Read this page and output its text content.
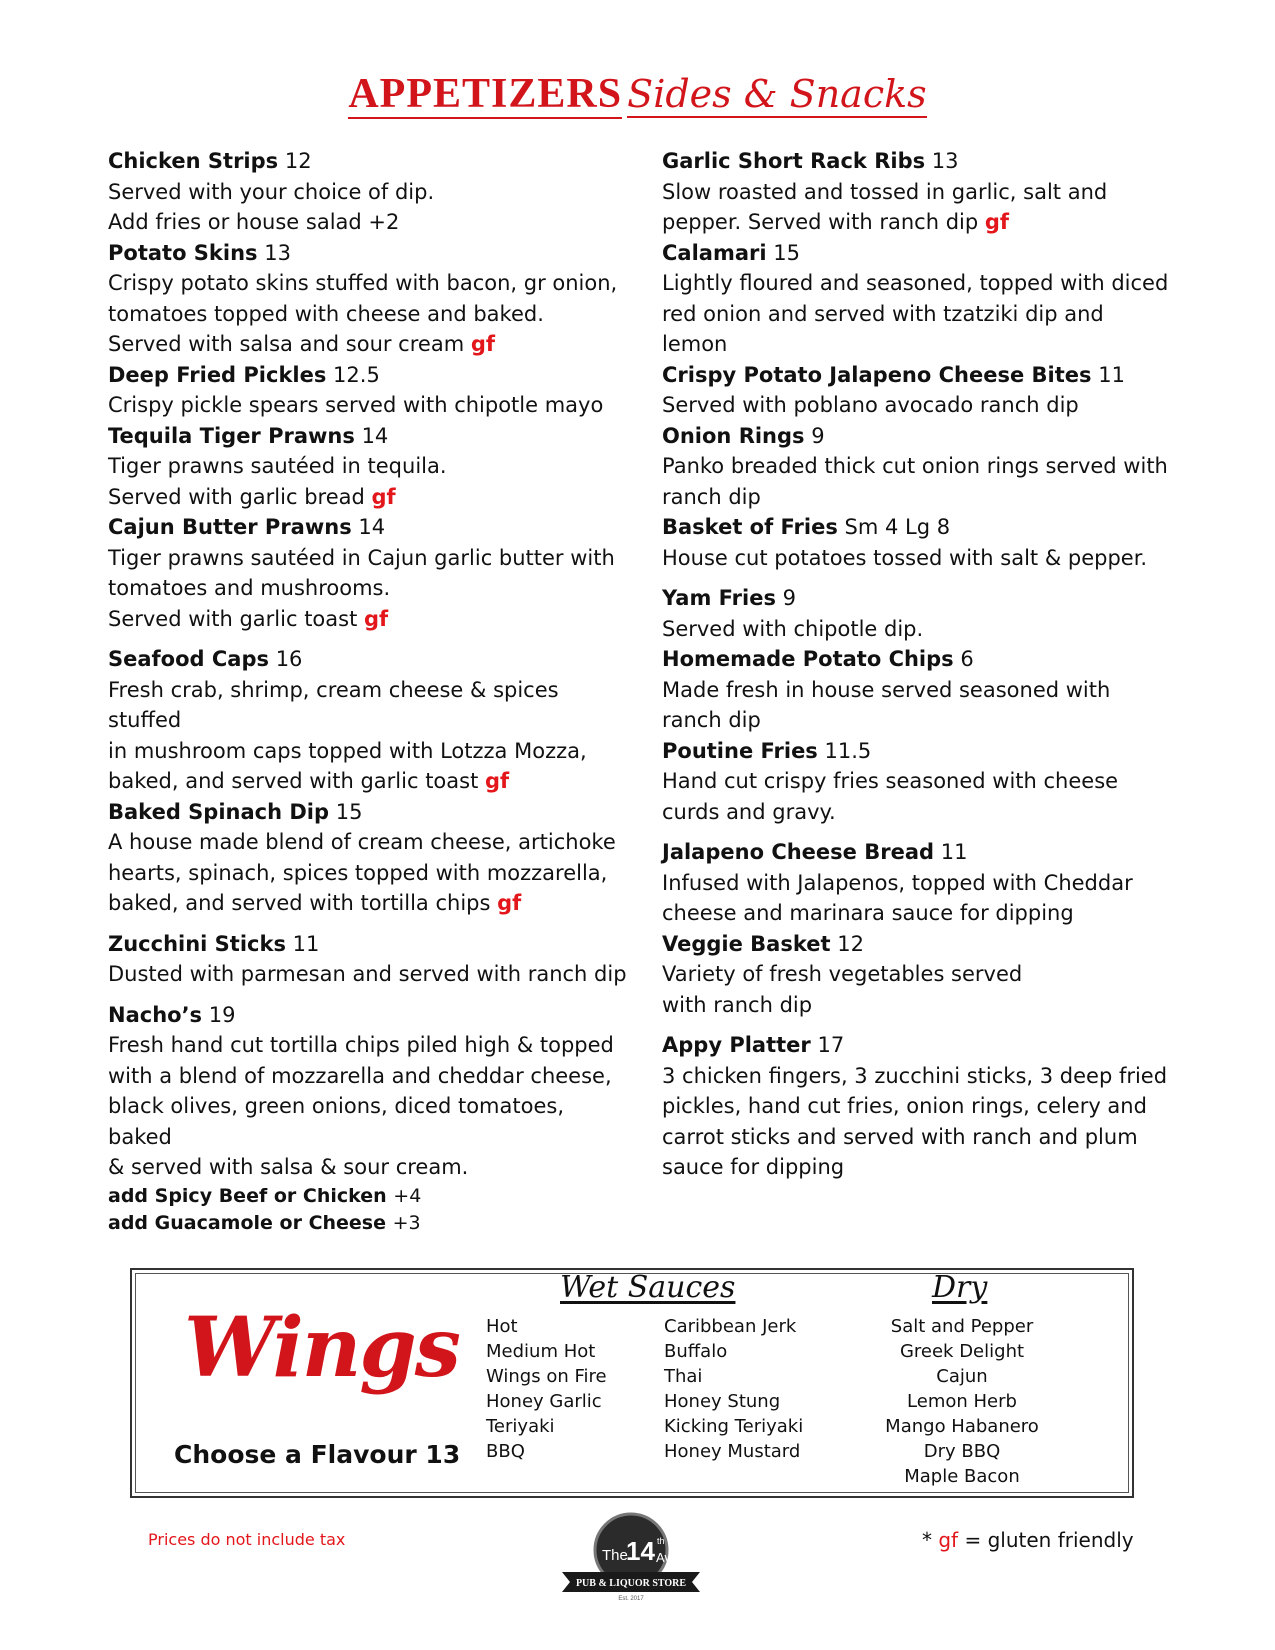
APPETIZERS Sides & Snacks
Chicken Strips 12
Served with your choice of dip.
Add fries or house salad +2
Potato Skins 13
Crispy potato skins stuffed with bacon, gr onion,
tomatoes topped with cheese and baked.
Served with salsa and sour cream gf
Deep Fried Pickles 12.5
Crispy pickle spears served with chipotle mayo
Tequila Tiger Prawns 14
Tiger prawns sautéed in tequila.
Served with garlic bread gf
Cajun Butter Prawns 14
Tiger prawns sautéed in Cajun garlic butter with
tomatoes and mushrooms.
Served with garlic toast gf
Seafood Caps 16
Fresh crab, shrimp, cream cheese & spices stuffed
in mushroom caps topped with Lotzza Mozza,
baked, and served with garlic toast gf
Baked Spinach Dip 15
A house made blend of cream cheese, artichoke
hearts, spinach, spices topped with mozzarella,
baked, and served with tortilla chips gf
Zucchini Sticks 11
Dusted with parmesan and served with ranch dip
Nacho’s 19
Fresh hand cut tortilla chips piled high & topped
with a blend of mozzarella and cheddar cheese,
black olives, green onions, diced tomatoes, baked
& served with salsa & sour cream.
add Spicy Beef or Chicken +4
add Guacamole or Cheese +3
Garlic Short Rack Ribs 13
Slow roasted and tossed in garlic, salt and
pepper. Served with ranch dip gf
Calamari 15
Lightly floured and seasoned, topped with diced
red onion and served with tzatziki dip and
lemon
Crispy Potato Jalapeno Cheese Bites 11
Served with poblano avocado ranch dip
Onion Rings 9
Panko breaded thick cut onion rings served with
ranch dip
Basket of Fries Sm 4 Lg 8
House cut potatoes tossed with salt & pepper.
Yam Fries 9
Served with chipotle dip.
Homemade Potato Chips 6
Made fresh in house served seasoned with
ranch dip
Poutine Fries 11.5
Hand cut crispy fries seasoned with cheese
curds and gravy.
Jalapeno Cheese Bread 11
Infused with Jalapenos, topped with Cheddar
cheese and marinara sauce for dipping
Veggie Basket 12
Variety of fresh vegetables served
with ranch dip
Appy Platter 17
3 chicken fingers, 3 zucchini sticks, 3 deep fried
pickles, hand cut fries, onion rings, celery and
carrot sticks and served with ranch and plum
sauce for dipping
Wings
Choose a Flavour 13
Wet Sauces
Hot
Medium Hot
Wings on Fire
Honey Garlic
Teriyaki
BBQ
Caribbean Jerk
Buffalo
Thai
Honey Stung
Kicking Teriyaki
Honey Mustard
Dry
Salt and Pepper
Greek Delight
Cajun
Lemon Herb
Mango Habanero
Dry BBQ
Maple Bacon
Prices do not include tax
The
14 th
Ave
PUB & LIQUOR STORE
Est. 2017
* gf = gluten friendly
